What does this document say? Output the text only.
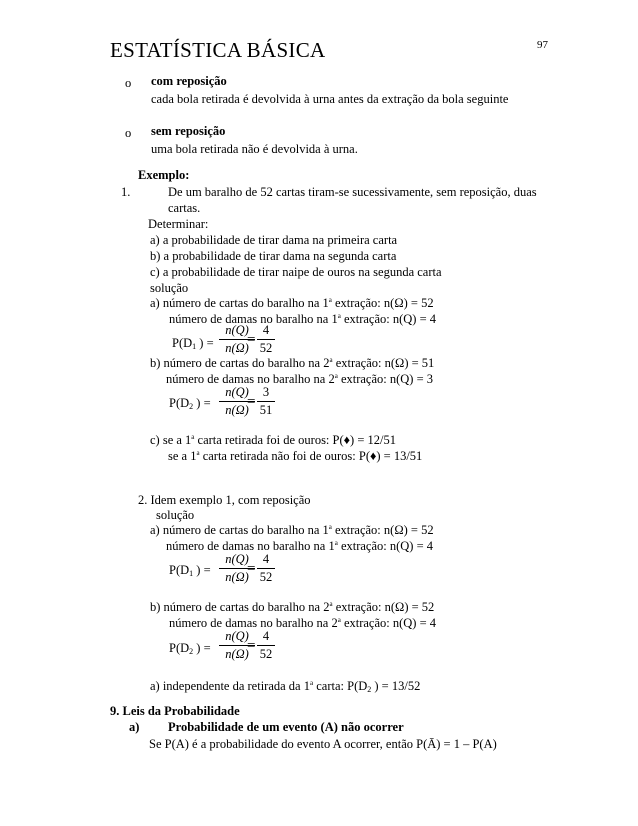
ESTATÍSTICA BÁSICA	97
o com reposição
cada bola retirada é devolvida à urna antes da extração da bola seguinte
o sem reposição
uma bola retirada não é devolvida à urna.
Exemplo:
1.	De um baralho de 52 cartas tiram-se sucessivamente, sem reposição, duas
cartas.
Determinar:
a) a probabilidade de tirar dama na primeira carta
b) a probabilidade de tirar dama na segunda carta
c) a probabilidade de tirar naipe de ouros na segunda carta
solução
a) número de cartas do baralho na 1$^a$ extração: n(Ω) = 52
número de damas no baralho na 1$^a$ extração: n(Q) = 4
$P(D_1$ ) =
n(Q)
n(Ω)
=
4
52
b) número de cartas do baralho na 2$^a$ extração: n(Ω) = 51
número de damas no baralho na 2$^a$ extração: n(Q) = 3
$P(D_2$ ) =
n(Q)
n(Ω)
=
3
51
c) se a 1$^a$ carta retirada foi de ouros: P(♦) = 12/51
se a 1$^a$ carta retirada não foi de ouros: P(♦) = 13/51
2. Idem exemplo 1, com reposição
solução
a) número de cartas do baralho na 1$^a$ extração: n(Ω) = 52
número de damas no baralho na 1$^a$ extração: n(Q) = 4
$P(D_1$ ) =
n(Q)
n(Ω)
=
4
52
b) número de cartas do baralho na 2$^a$ extração: n(Ω) = 52
número de damas no baralho na 2$^a$ extração: n(Q) = 4
$P(D_2$ ) =
n(Q)
n(Ω)
=
4
52
a) independente da retirada da 1$^a$ carta: $P(D_2$ ) = 13/52
9. Leis da Probabilidade
a) Probabilidade de um evento (A) não ocorrer
Se P(A) é a probabilidade do evento A ocorrer, então P(Ā) = 1 – P(A)
